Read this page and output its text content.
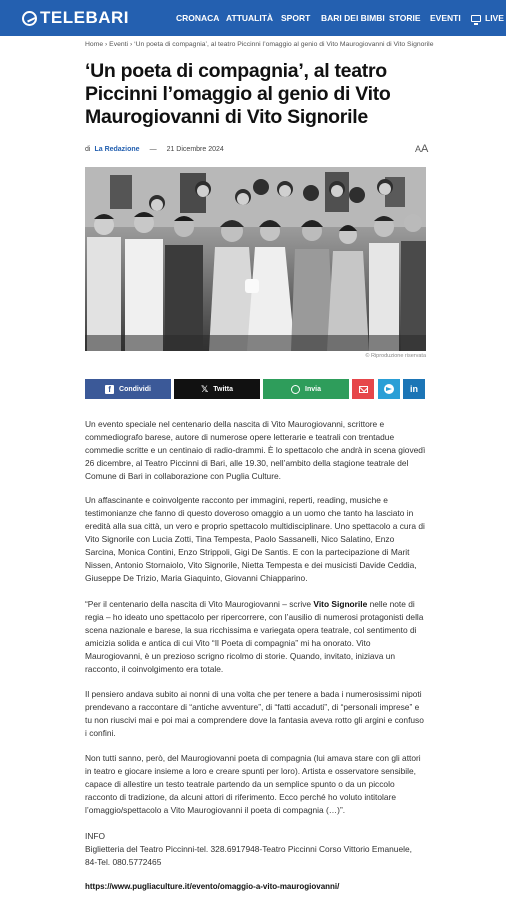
TELEBARI	CRONACA ATTUALITÀ SPORT BARI DEI BIMBI STORIE EVENTI	LIVE
Home › Eventi › ‘Un poeta di compagnia’, al teatro Piccinni l’omaggio al genio di Vito Maurogiovanni di Vito Signorile
‘Un poeta di compagnia’, al teatro Piccinni l’omaggio al genio di Vito Maurogiovanni di Vito Signorile
di La Redazione — 21 Dicembre 2024	AA
© Riproduzione riservata
f	Condividi	𝕏 Twitta	Invia	in

Un evento speciale nel centenario della nascita di Vito Maurogiovanni, scrittore e commediografo barese, autore di numerose opere letterarie e teatrali con trentadue commedie scritte e un centinaio di radio-drammi. È lo spettacolo che andrà in scena giovedì 26 dicembre, al Teatro Piccinni di Bari, alle 19.30, nell’ambito della stagione teatrale del Comune di Bari in collaborazione con Puglia Culture.

Un affascinante e coinvolgente racconto per immagini, reperti, reading, musiche e testimonianze che fanno di questo doveroso omaggio a un uomo che tanto ha lasciato in eredità alla sua città, un vero e proprio spettacolo multidisciplinare. Uno spettacolo a cura di Vito Signorile con Lucia Zotti, Tina Tempesta, Paolo Sassanelli, Nico Salatino, Enzo Sarcina, Monica Contini, Enzo Strippoli, Gigi De Santis. E con la partecipazione di Marit Nissen, Antonio Stornaiolo, Vito Signorile, Nietta Tempesta e dei musicisti Davide Ceddia, Giuseppe De Trizio, Maria Giaquinto, Giovanni Chiapparino.

“Per il centenario della nascita di Vito Maurogiovanni – scrive Vito Signorile nelle note di regia – ho ideato uno spettacolo per ripercorrere, con l’ausilio di numerosi protagonisti della scena nazionale e barese, la sua ricchissima e variegata opera teatrale, col sentimento di amicizia solida e antica di cui Vito “Il Poeta di compagnia” mi ha onorato. Vito Maurogiovanni, è un prezioso scrigno ricolmo di storie. Quando, invitato, iniziava un racconto, il coinvolgimento era totale.

Il pensiero andava subito ai nonni di una volta che per tenere a bada i numerosissimi nipoti prendevano a raccontare di “antiche avventure”, di “fatti accaduti”, di “personali imprese” e tu non riuscivi mai e poi mai a comprendere dove la fantasia aveva rotto gli argini e confuso i confini.

Non tutti sanno, però, del Maurogiovanni poeta di compagnia (lui amava stare con gli attori in teatro e giocare insieme a loro e creare spunti per loro). Artista e osservatore sensibile, capace di allestire un testo teatrale partendo da un semplice spunto o da un piccolo racconto di tradizione, da alcuni attori di riferimento. Ecco perché ho voluto intitolare l’omaggio/spettacolo a Vito Maurogiovanni il poeta di compagnia (…)”.

INFO

Biglietteria del Teatro Piccinni-tel. 328.6917948-Teatro Piccinni Corso Vittorio Emanuele, 84-Tel. 080.5772465

https://www.pugliaculture.it/evento/omaggio-a-vito-maurogiovanni/
